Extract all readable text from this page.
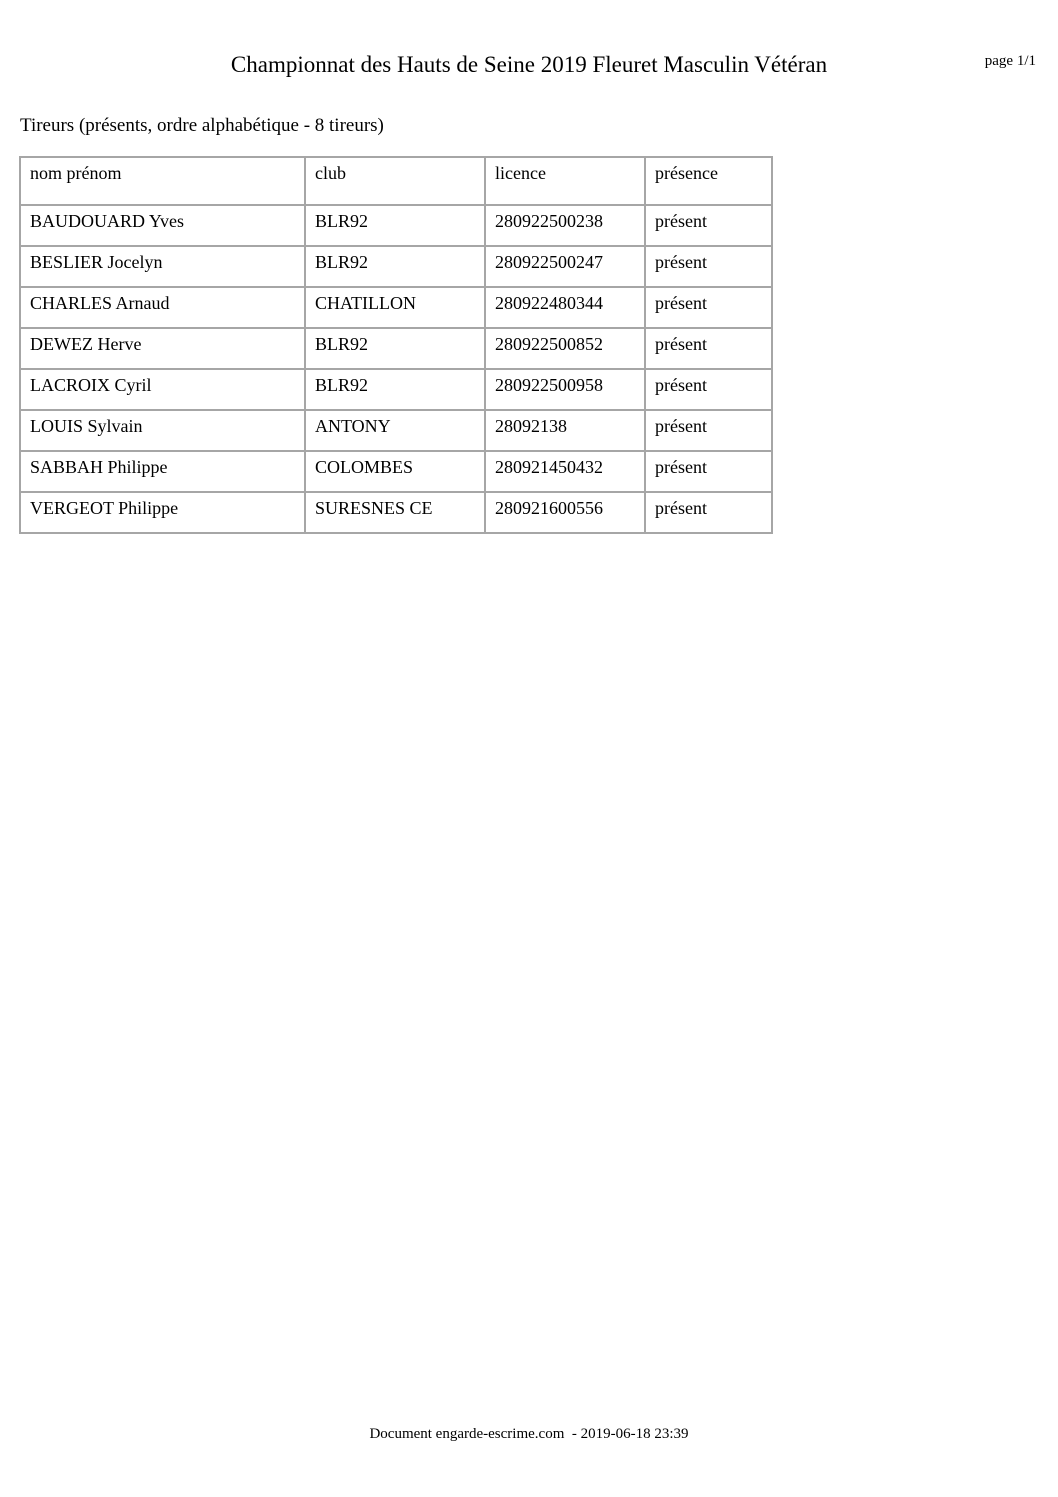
Championnat des Hauts de Seine 2019 Fleuret Masculin Vétéran	page 1/1
Tireurs (présents, ordre alphabétique - 8 tireurs)
nom prénom	club	licence	présence
BAUDOUARD Yves	BLR92	280922500238	présent
BESLIER Jocelyn	BLR92	280922500247	présent
CHARLES Arnaud	CHATILLON	280922480344	présent
DEWEZ Herve	BLR92	280922500852	présent
LACROIX Cyril	BLR92	280922500958	présent
LOUIS Sylvain	ANTONY	28092138	présent
SABBAH Philippe	COLOMBES	280921450432	présent
VERGEOT Philippe	SURESNES CE	280921600556	présent
Document engarde-escrime.com  - 2019-06-18 23:39
